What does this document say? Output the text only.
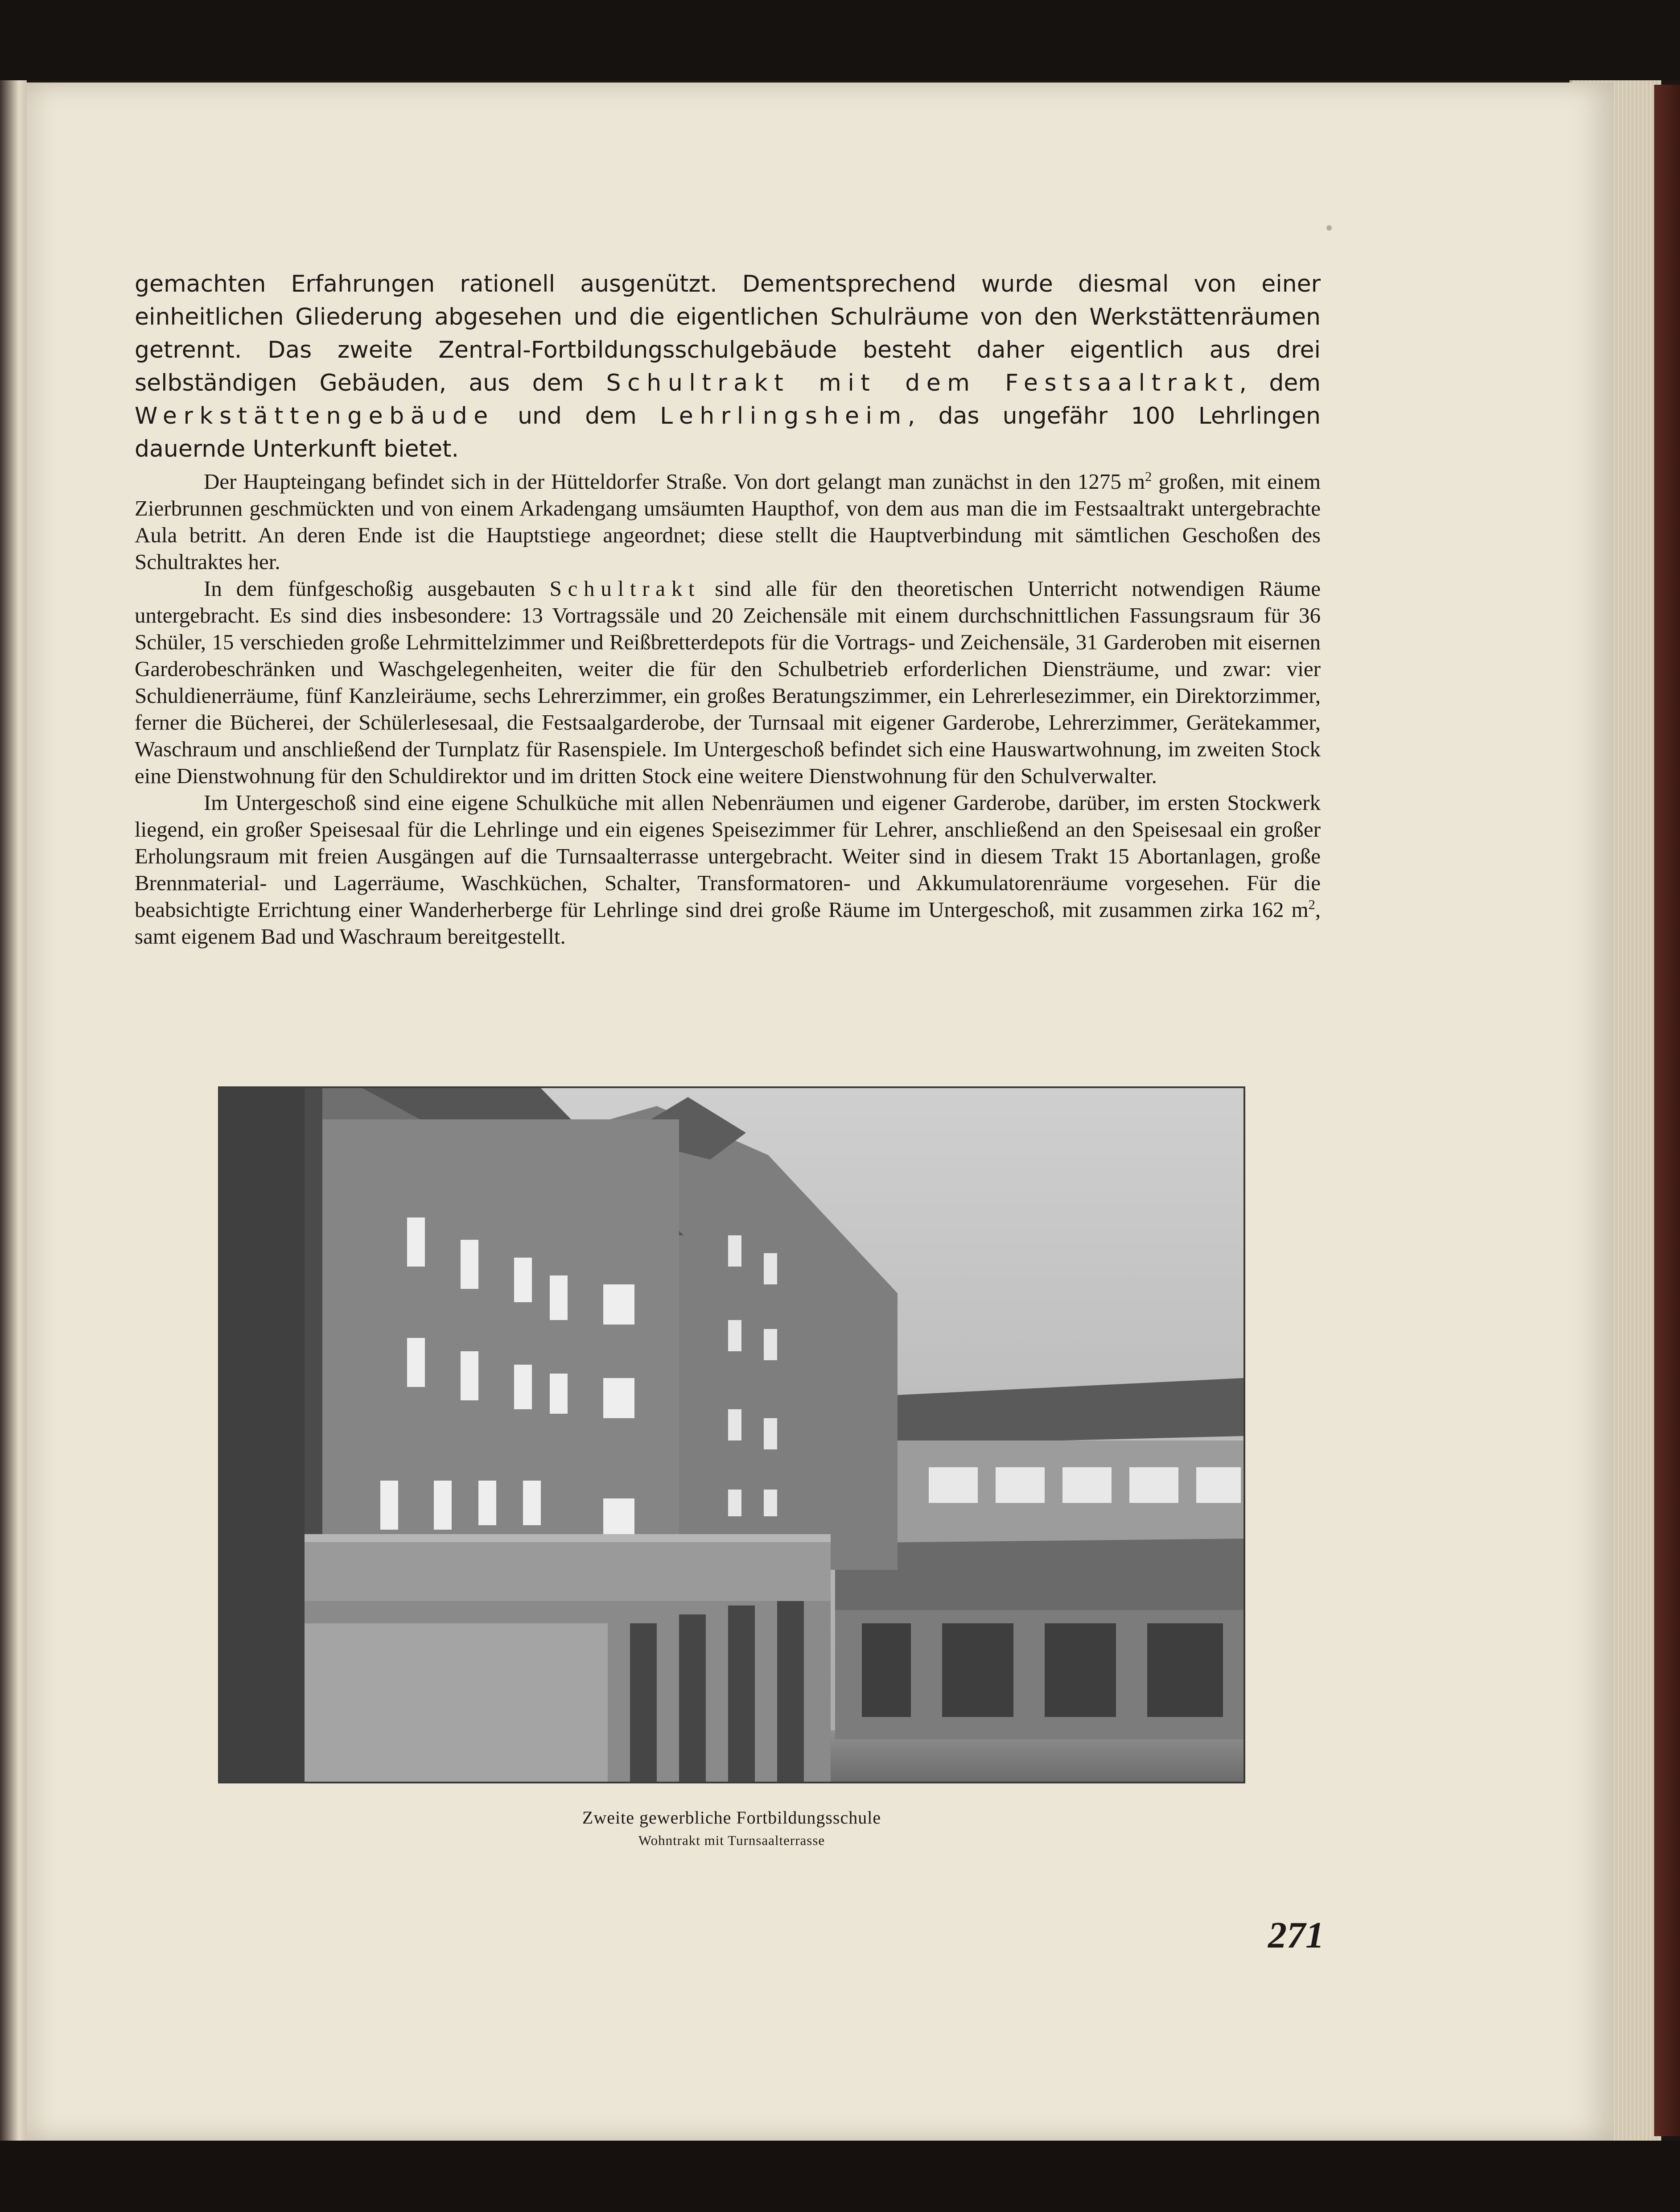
gemachten Erfahrungen rationell ausgenützt. Dementsprechend wurde diesmal von einer einheitlichen Gliederung abgesehen und die eigentlichen Schulräume von den Werkstättenräumen getrennt. Das zweite Zentral-Fortbildungsschulgebäude besteht daher eigentlich aus drei selbständigen Gebäuden, aus dem Schultrakt mit dem Festsaaltrakt, dem Werkstättengebäude und dem Lehrlingsheim, das ungefähr 100 Lehrlingen dauernde Unterkunft bietet.

Der Haupteingang befindet sich in der Hütteldorfer Straße. Von dort gelangt man zunächst in den 1275 $m^2$ großen, mit einem Zierbrunnen geschmückten und von einem Arkadengang umsäumten Haupthof, von dem aus man die im Festsaaltrakt untergebrachte Aula betritt. An deren Ende ist die Hauptstiege angeordnet; diese stellt die Hauptverbindung mit sämtlichen Geschoßen des Schultraktes her.

In dem fünfgeschoßig ausgebauten Schultrakt sind alle für den theoretischen Unterricht notwendigen Räume untergebracht. Es sind dies insbesondere: 13 Vortragssäle und 20 Zeichensäle mit einem durchschnittlichen Fassungsraum für 36 Schüler, 15 verschieden große Lehrmittelzimmer und Reißbretterdepots für die Vortrags- und Zeichensäle, 31 Garderoben mit eisernen Garderobeschränken und Waschgelegenheiten, weiter die für den Schulbetrieb erforderlichen Diensträume, und zwar: vier Schuldienerräume, fünf Kanzleiräume, sechs Lehrerzimmer, ein großes Beratungszimmer, ein Lehrerlesezimmer, ein Direktorzimmer, ferner die Bücherei, der Schülerlesesaal, die Festsaalgarderobe, der Turnsaal mit eigener Garderobe, Lehrerzimmer, Gerätekammer, Waschraum und anschließend der Turnplatz für Rasenspiele. Im Untergeschoß befindet sich eine Hauswartwohnung, im zweiten Stock eine Dienstwohnung für den Schuldirektor und im dritten Stock eine weitere Dienstwohnung für den Schulverwalter.

Im Untergeschoß sind eine eigene Schulküche mit allen Nebenräumen und eigener Garderobe, darüber, im ersten Stockwerk liegend, ein großer Speisesaal für die Lehrlinge und ein eigenes Speisezimmer für Lehrer, anschließend an den Speisesaal ein großer Erholungsraum mit freien Ausgängen auf die Turnsaalterrasse untergebracht. Weiter sind in diesem Trakt 15 Abortanlagen, große Brennmaterial- und Lagerräume, Waschküchen, Schalter, Transformatoren- und Akkumulatorenräume vorgesehen. Für die beabsichtigte Errichtung einer Wanderherberge für Lehrlinge sind drei große Räume im Untergeschoß, mit zusammen zirka 162 $m^2$, samt eigenem Bad und Waschraum bereitgestellt.

Zweite gewerbliche Fortbildungsschule
Wohntrakt mit Turnsaalterrasse
271
